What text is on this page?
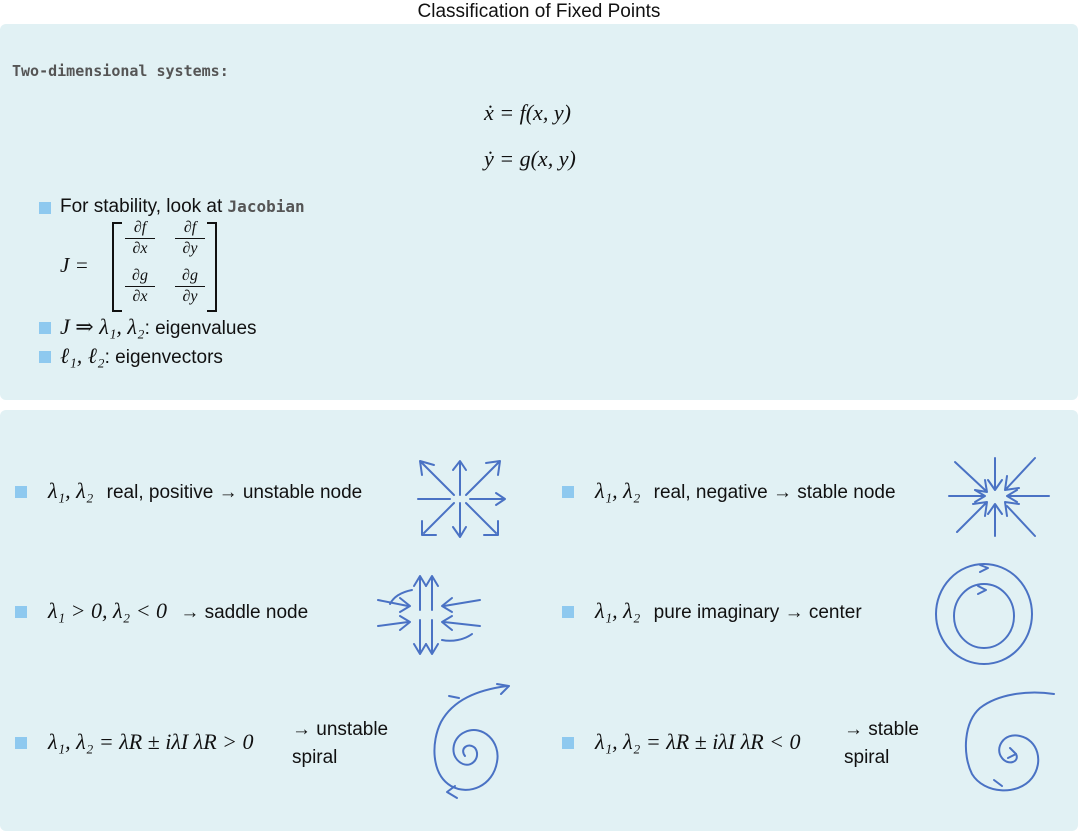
Classification of Fixed Points
Two-dimensional systems:
ẋ = f(x, y)
ẏ = g(x, y)
For stability, look at Jacobian
J =
∂f
∂x
∂f
∂y
∂g
∂x
∂g
∂y
J ⇒ λ₁, λ₂: eigenvalues
ℓ₁, ℓ₂: eigenvectors
λ₁, λ₂ real, positive → unstable node	λ₁, λ₂ real, negative → stable node
λ₁ > 0, λ₂ < 0 → saddle node	λ₁, λ₂ pure imaginary → center
λ₁, λ₂ = λR ± iλI λR > 0 → unstable
spiral
λ₁, λ₂ = λR ± iλI λR < 0 → stable
spiral
